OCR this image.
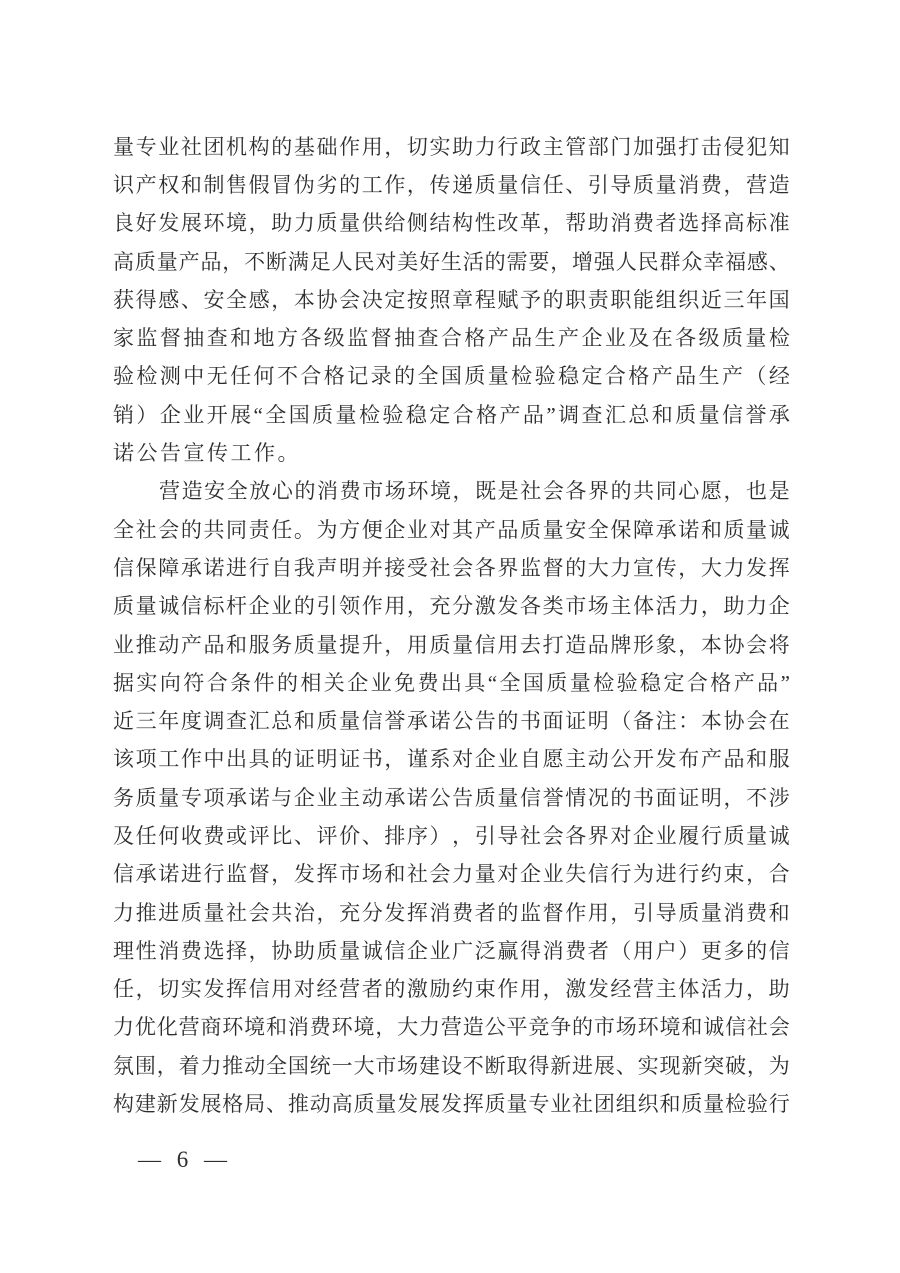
量 专 业 社 团 机 构 的 基 础 作 用 ， 切 实 助 力 行 政 主 管 部 门 加 强 打 击 侵 犯 知
识 产 权 和 制 售 假 冒 伪 劣 的 工 作 ， 传 递 质 量 信 任 、 引 导 质 量 消 费 ， 营 造
良 好 发 展 环 境 ， 助 力 质 量 供 给 侧 结 构 性 改 革 ， 帮 助 消 费 者 选 择 高 标 准
高 质 量 产 品 ， 不 断 满 足 人 民 对 美 好 生 活 的 需 要 ， 增 强 人 民 群 众 幸 福 感 、
获 得 感 、 安 全 感 ， 本 协 会 决 定 按 照 章 程 赋 予 的 职 责 职 能 组 织 近 三 年 国
家 监 督 抽 查 和 地 方 各 级 监 督 抽 查 合 格 产 品 生 产 企 业 及 在 各 级 质 量 检
验 检 测 中 无 任 何 不 合 格 记 录 的 全 国 质 量 检 验 稳 定 合 格 产 品 生 产 （ 经
销 ） 企 业 开 展 “ 全 国 质 量 检 验 稳 定 合 格 产 品 ” 调 查 汇 总 和 质 量 信 誉 承
诺公告宣传工作。
营 造 安 全 放 心 的 消 费 市 场 环 境 ， 既 是 社 会 各 界 的 共 同 心 愿 ， 也 是
全 社 会 的 共 同 责 任 。 为 方 便 企 业 对 其 产 品 质 量 安 全 保 障 承 诺 和 质 量 诚
信 保 障 承 诺 进 行 自 我 声 明 并 接 受 社 会 各 界 监 督 的 大 力 宣 传 ， 大 力 发 挥
质 量 诚 信 标 杆 企 业 的 引 领 作 用 ， 充 分 激 发 各 类 市 场 主 体 活 力 ， 助 力 企
业 推 动 产 品 和 服 务 质 量 提 升 ， 用 质 量 信 用 去 打 造 品 牌 形 象 ， 本 协 会 将
据 实 向 符 合 条 件 的 相 关 企 业 免 费 出 具 “ 全 国 质 量 检 验 稳 定 合 格 产 品 ”
近 三 年 度 调 查 汇 总 和 质 量 信 誉 承 诺 公 告 的 书 面 证 明 （ 备 注 ： 本 协 会 在
该 项 工 作 中 出 具 的 证 明 证 书 ， 谨 系 对 企 业 自 愿 主 动 公 开 发 布 产 品 和 服
务 质 量 专 项 承 诺 与 企 业 主 动 承 诺 公 告 质 量 信 誉 情 况 的 书 面 证 明 ， 不 涉
及 任 何 收 费 或 评 比 、 评 价 、 排 序 ） ， 引 导 社 会 各 界 对 企 业 履 行 质 量 诚
信 承 诺 进 行 监 督 ， 发 挥 市 场 和 社 会 力 量 对 企 业 失 信 行 为 进 行 约 束 ， 合
力 推 进 质 量 社 会 共 治 ， 充 分 发 挥 消 费 者 的 监 督 作 用 ， 引 导 质 量 消 费 和
理 性 消 费 选 择 ， 协 助 质 量 诚 信 企 业 广 泛 赢 得 消 费 者 （ 用 户 ） 更 多 的 信
任 ， 切 实 发 挥 信 用 对 经 营 者 的 激 励 约 束 作 用 ， 激 发 经 营 主 体 活 力 ， 助
力 优 化 营 商 环 境 和 消 费 环 境 ， 大 力 营 造 公 平 竞 争 的 市 场 环 境 和 诚 信 社 会
氛 围 ， 着 力 推 动 全 国 统 一 大 市 场 建 设 不 断 取 得 新 进 展 、 实 现 新 突 破 ， 为
构 建 新 发 展 格 局 、 推 动 高 质 量 发 展 发 挥 质 量 专 业 社 团 组 织 和 质 量 检 验 行
— 6 —
